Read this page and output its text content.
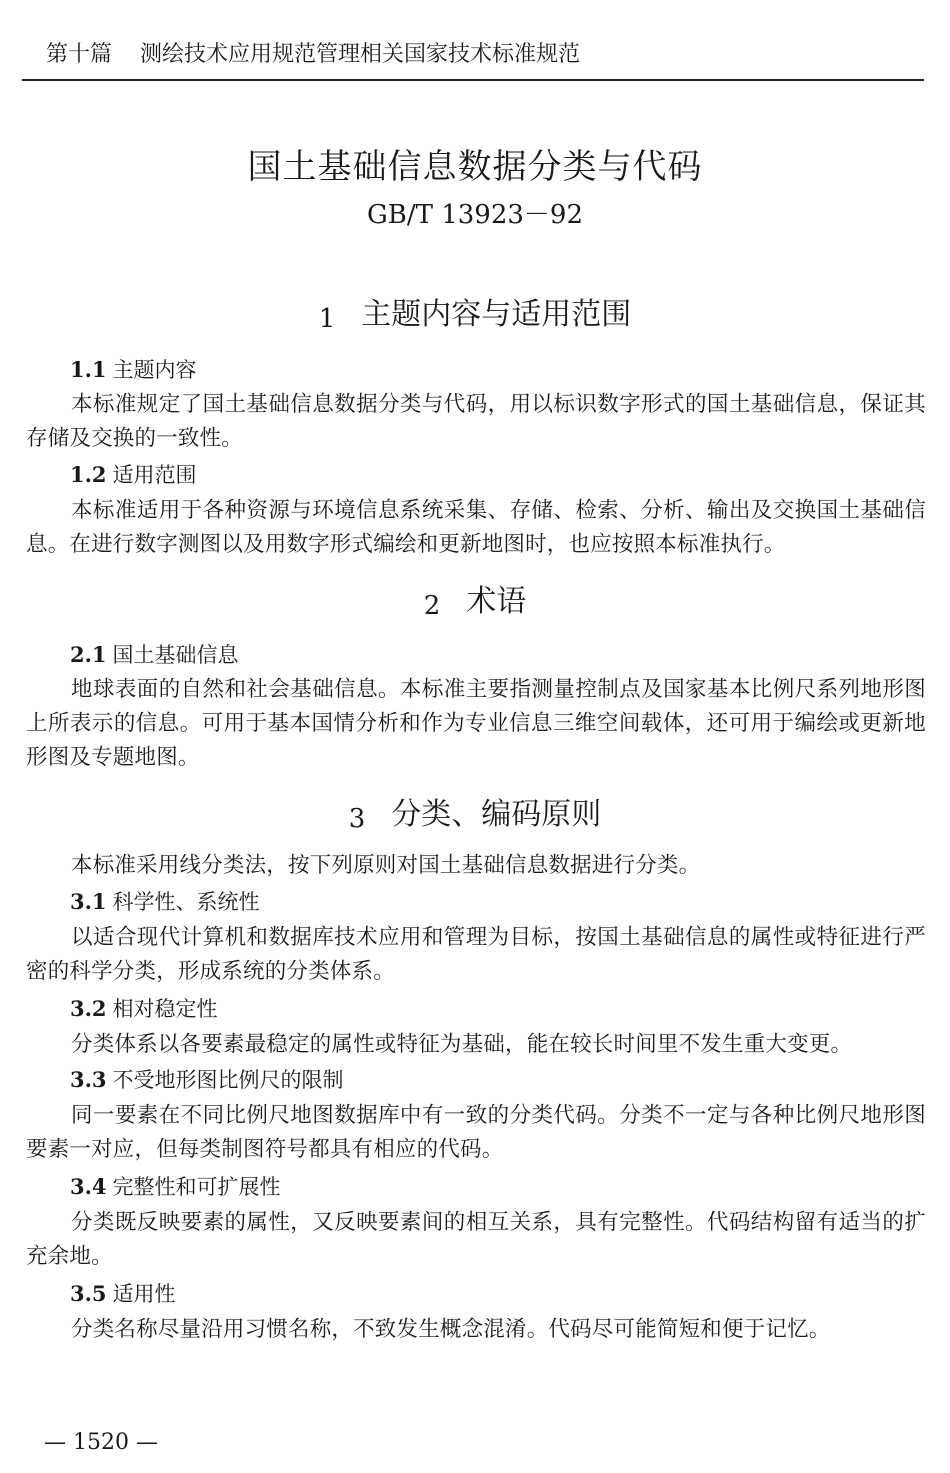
第十篇 测绘技术应用规范管理相关国家技术标准规范
国土基础信息数据分类与代码
GB/T 13923－92
1 主题内容与适用范围
1.1 主题内容

本标准规定了国土基础信息数据分类与代码，用以标识数字形式的国土基础信息，保证其存储及交换的一致性。

1.2 适用范围

本标准适用于各种资源与环境信息系统采集、存储、检索、分析、输出及交换国土基础信息。在进行数字测图以及用数字形式编绘和更新地图时，也应按照本标准执行。

2 术语
2.1 国土基础信息

地球表面的自然和社会基础信息。本标准主要指测量控制点及国家基本比例尺系列地形图上所表示的信息。可用于基本国情分析和作为专业信息三维空间载体，还可用于编绘或更新地形图及专题地图。

3 分类、编码原则

本标准采用线分类法，按下列原则对国土基础信息数据进行分类。

3.1 科学性、系统性

以适合现代计算机和数据库技术应用和管理为目标，按国土基础信息的属性或特征进行严密的科学分类，形成系统的分类体系。

3.2 相对稳定性

分类体系以各要素最稳定的属性或特征为基础，能在较长时间里不发生重大变更。

3.3 不受地形图比例尺的限制

同一要素在不同比例尺地图数据库中有一致的分类代码。分类不一定与各种比例尺地形图要素一对应，但每类制图符号都具有相应的代码。

3.4 完整性和可扩展性

分类既反映要素的属性，又反映要素间的相互关系，具有完整性。代码结构留有适当的扩充余地。

3.5 适用性

分类名称尽量沿用习惯名称，不致发生概念混淆。代码尽可能简短和便于记忆。

— 1520 —
